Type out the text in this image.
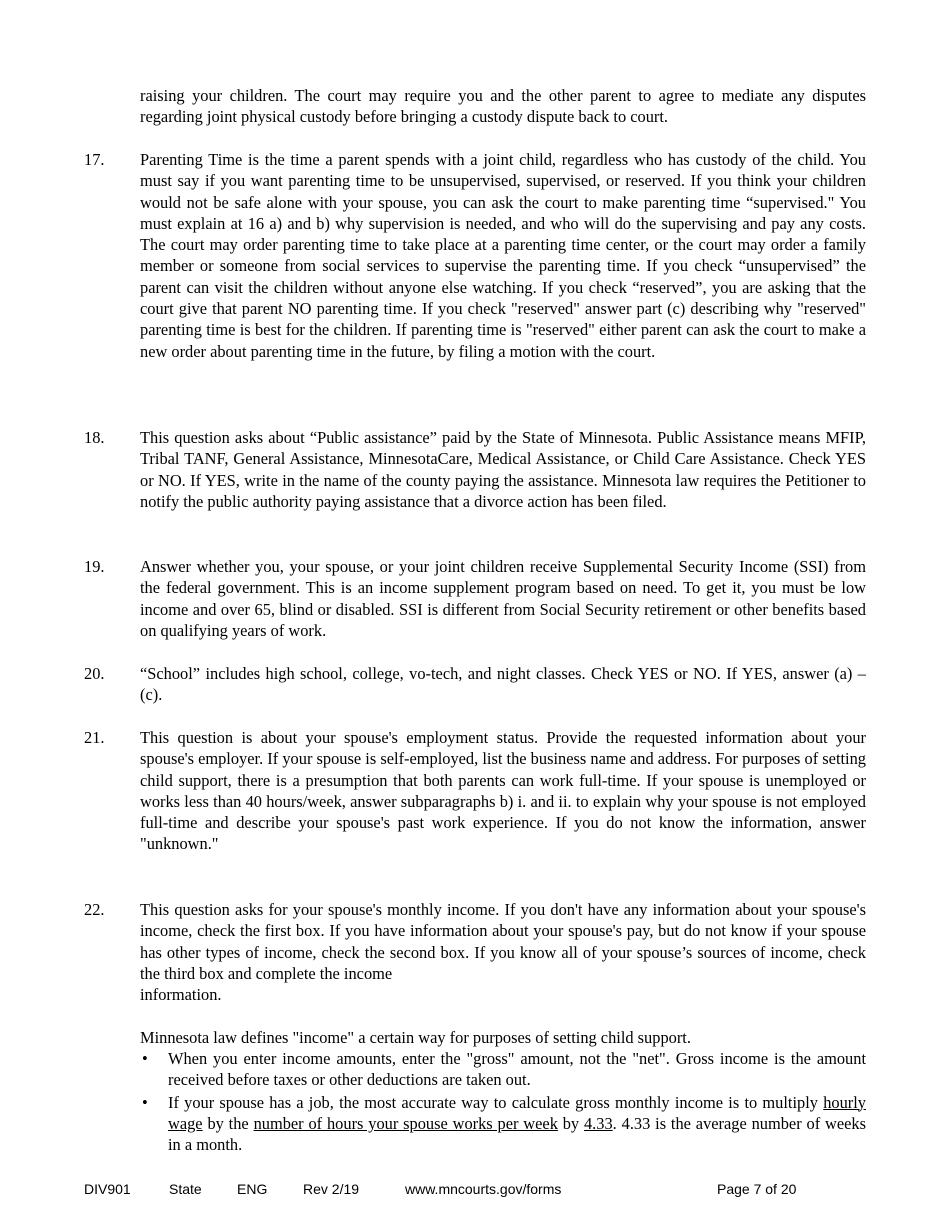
raising your children. The court may require you and the other parent to agree to mediate any disputes regarding joint physical custody before bringing a custody dispute back to court.
17.	Parenting Time is the time a parent spends with a joint child, regardless who has custody of the child. You must say if you want parenting time to be unsupervised, supervised, or reserved. If you think your children would not be safe alone with your spouse, you can ask the court to make parenting time “supervised." You must explain at 16 a) and b) why supervision is needed, and who will do the supervising and pay any costs. The court may order parenting time to take place at a parenting time center, or the court may order a family member or someone from social services to supervise the parenting time. If you check “unsupervised” the parent can visit the children without anyone else watching. If you check “reserved”, you are asking that the court give that parent NO parenting time. If you check "reserved" answer part (c) describing why "reserved" parenting time is best for the children. If parenting time is "reserved" either parent can ask the court to make a new order about parenting time in the future, by filing a motion with the court.
18.	This question asks about “Public assistance” paid by the State of Minnesota. Public Assistance means MFIP, Tribal TANF, General Assistance, MinnesotaCare, Medical Assistance, or Child Care Assistance. Check YES or NO. If YES, write in the name of the county paying the assistance. Minnesota law requires the Petitioner to notify the public authority paying assistance that a divorce action has been filed.
19.	Answer whether you, your spouse, or your joint children receive Supplemental Security Income (SSI) from the federal government. This is an income supplement program based on need. To get it, you must be low income and over 65, blind or disabled. SSI is different from Social Security retirement or other benefits based on qualifying years of work.
20.	“School” includes high school, college, vo-tech, and night classes. Check YES or NO. If YES, answer (a) – (c).
21.	This question is about your spouse's employment status. Provide the requested information about your spouse's employer. If your spouse is self-employed, list the business name and address. For purposes of setting child support, there is a presumption that both parents can work full-time. If your spouse is unemployed or works less than 40 hours/week, answer subparagraphs b) i. and ii. to explain why your spouse is not employed full-time and describe your spouse's past work experience. If you do not know the information, answer "unknown."
22.	This question asks for your spouse's monthly income. If you don't have any information about your spouse's income, check the first box. If you have information about your spouse's pay, but do not know if your spouse has other types of income, check the second box. If you know all of your spouse’s sources of income, check the third box and complete the income
information.
Minnesota law defines "income" a certain way for purposes of setting child support.
• When you enter income amounts, enter the "gross" amount, not the "net". Gross income is the amount received before taxes or other deductions are taken out.
• If your spouse has a job, the most accurate way to calculate gross monthly income is to multiply hourly wage by the number of hours your spouse works per week by 4.33. 4.33 is the average number of weeks in a month.
DIV901	State	ENG	Rev 2/19	www.mncourts.gov/forms	Page 7 of 20
